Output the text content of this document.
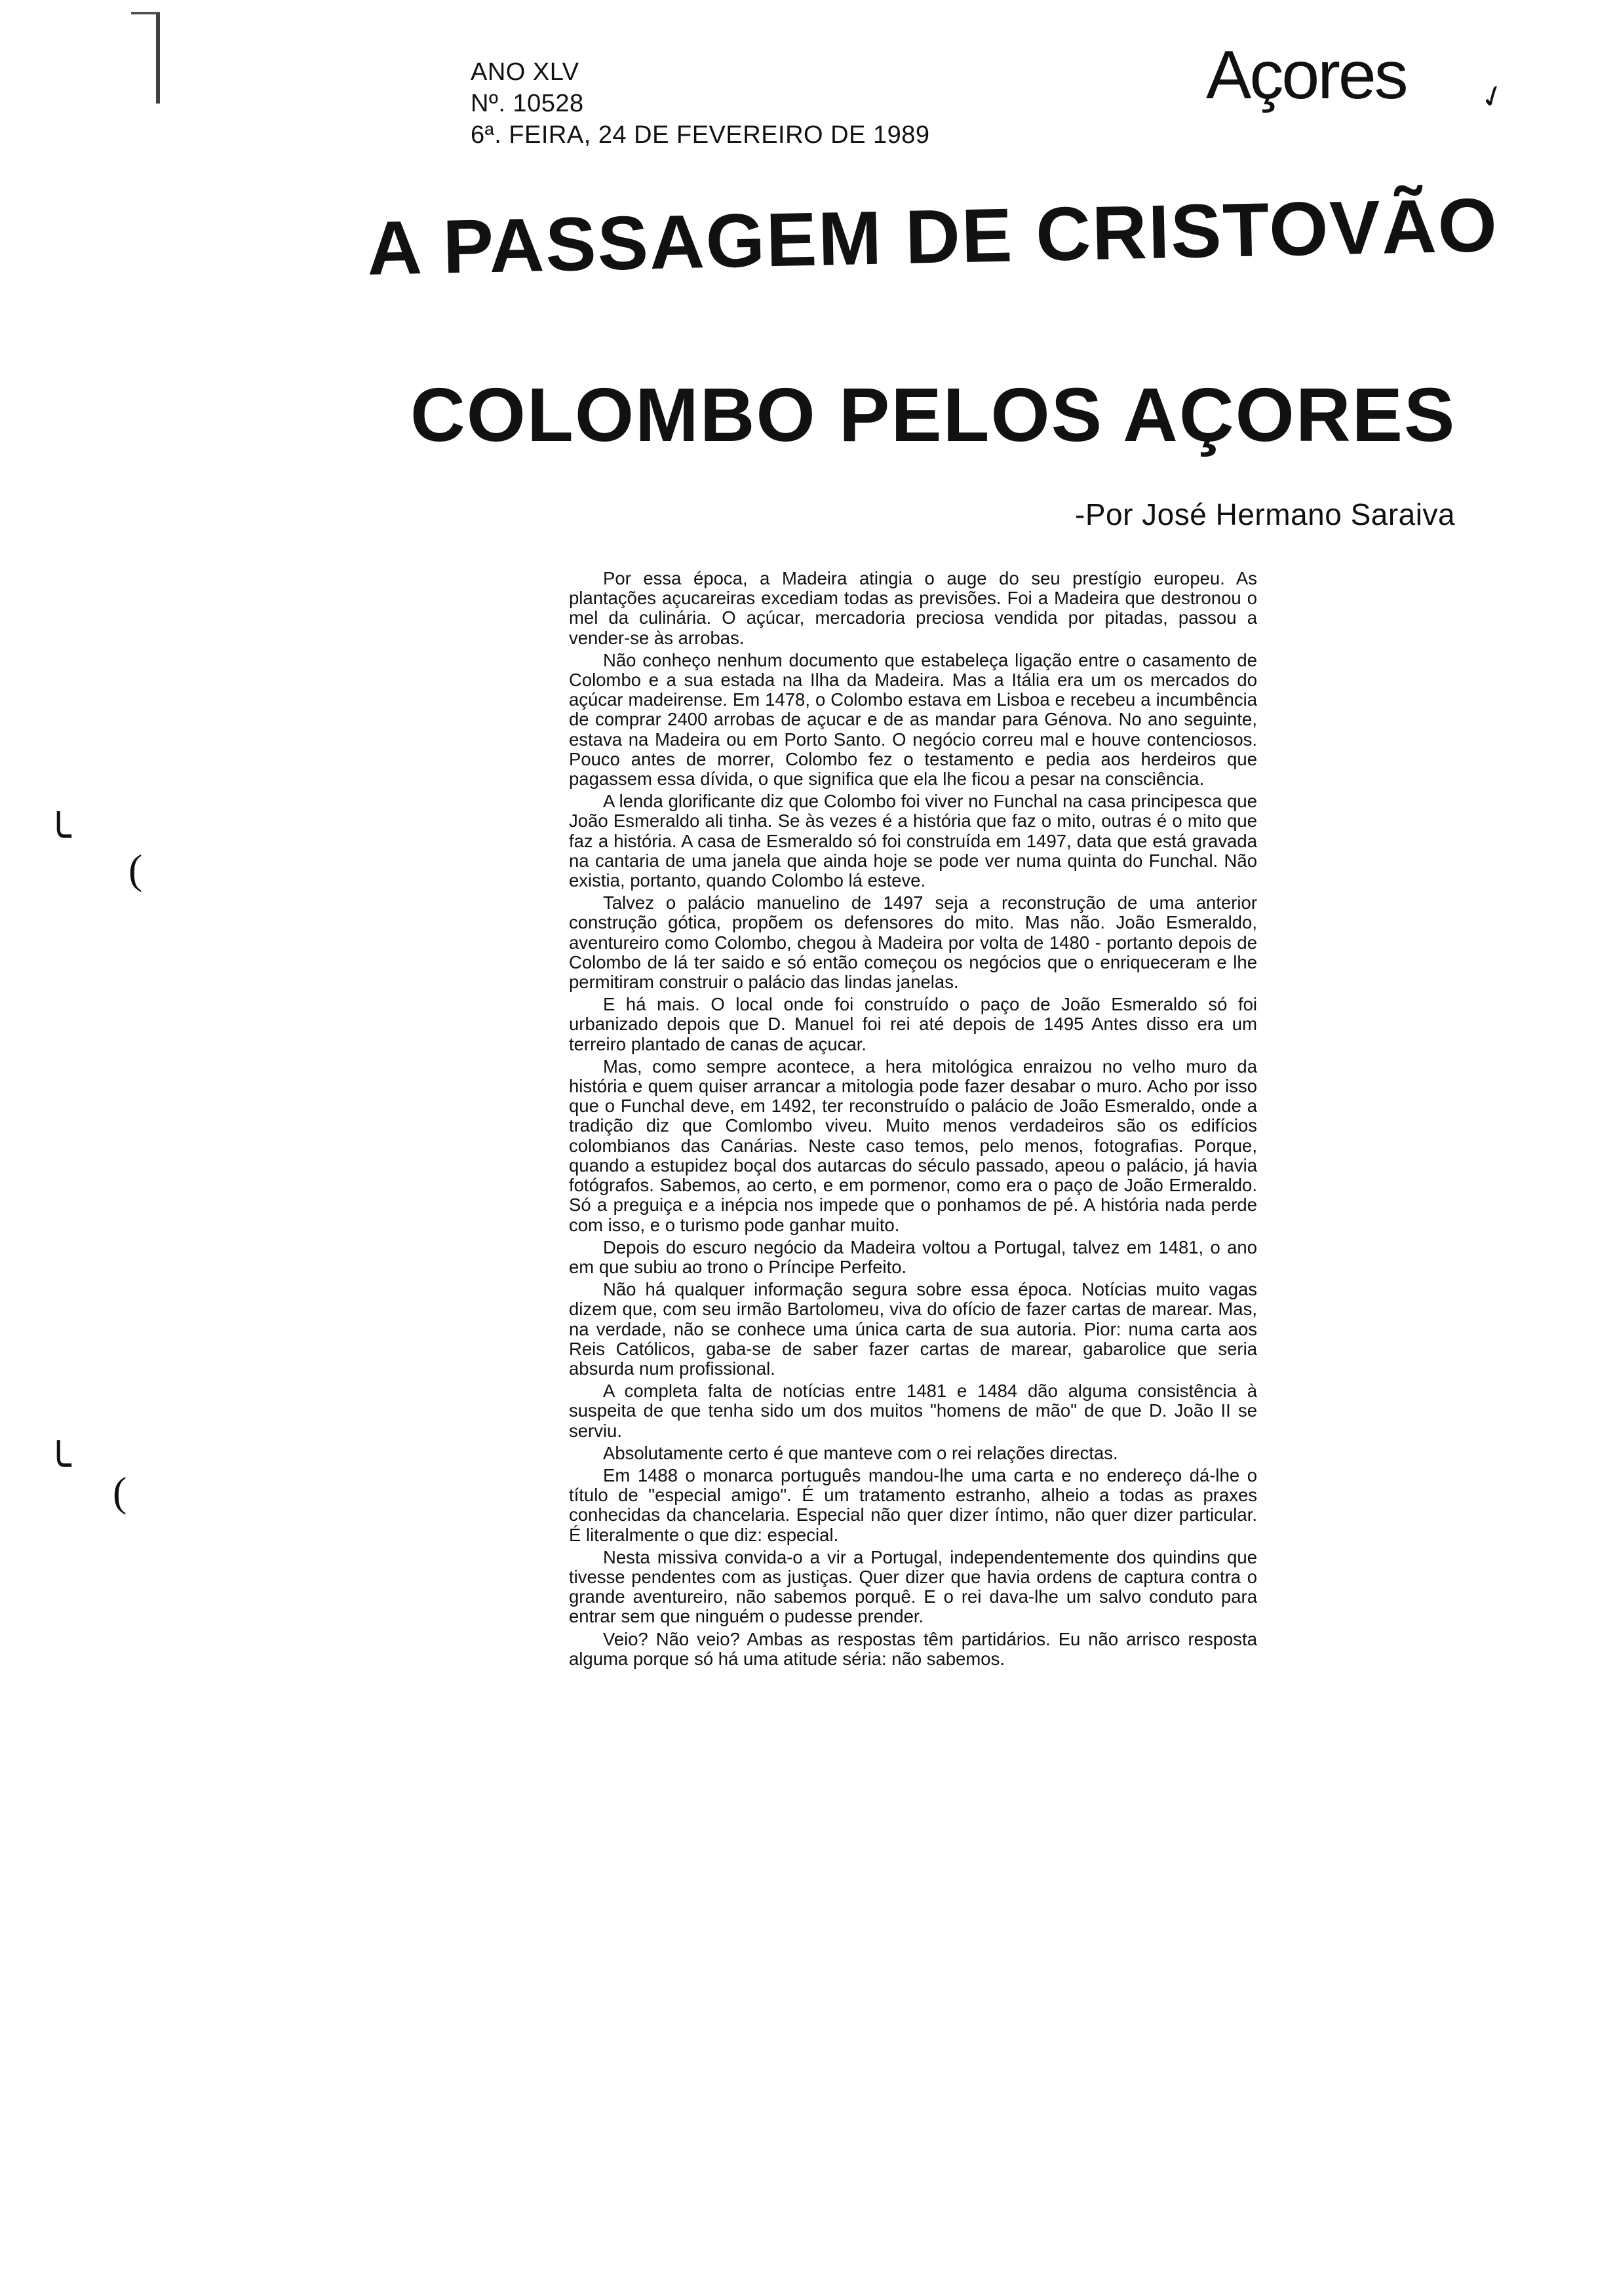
ANO XLV
Nº. 10528
6ª. FEIRA, 24 DE FEVEREIRO DE 1989
Açores ✓
A PASSAGEM DE CRISTOVÃO
COLOMBO PELOS AÇORES
-Por José Hermano Saraiva

Por essa época, a Madeira atingia o auge do seu prestígio europeu. As plantações açucareiras excediam todas as previsões. Foi a Madeira que destronou o mel da culinária. O açúcar, mercadoria preciosa vendida por pitadas, passou a vender-se às arrobas.

Não conheço nenhum documento que estabeleça ligação entre o casamento de Colombo e a sua estada na Ilha da Madeira. Mas a Itália era um os mercados do açúcar madeirense. Em 1478, o Colombo estava em Lisboa e recebeu a incumbência de comprar 2400 arrobas de açucar e de as mandar para Génova. No ano seguinte, estava na Madeira ou em Porto Santo. O negócio correu mal e houve contenciosos. Pouco antes de morrer, Colombo fez o testamento e pedia aos herdeiros que pagassem essa dívida, o que significa que ela lhe ficou a pesar na consciência.

A lenda glorificante diz que Colombo foi viver no Funchal na casa principesca que João Esmeraldo ali tinha. Se às vezes é a história que faz o mito, outras é o mito que faz a história. A casa de Esmeraldo só foi construída em 1497, data que está gravada na cantaria de uma janela que ainda hoje se pode ver numa quinta do Funchal. Não existia, portanto, quando Colombo lá esteve.

Talvez o palácio manuelino de 1497 seja a reconstrução de uma anterior construção gótica, propõem os defensores do mito. Mas não. João Esmeraldo, aventureiro como Colombo, chegou à Madeira por volta de 1480 - portanto depois de Colombo de lá ter saido e só então começou os negócios que o enriqueceram e lhe permitiram construir o palácio das lindas janelas.

E há mais. O local onde foi construído o paço de João Esmeraldo só foi urbanizado depois que D. Manuel foi rei até depois de 1495 Antes disso era um terreiro plantado de canas de açucar.

Mas, como sempre acontece, a hera mitológica enraizou no velho muro da história e quem quiser arrancar a mitologia pode fazer desabar o muro. Acho por isso que o Funchal deve, em 1492, ter reconstruído o palácio de João Esmeraldo, onde a tradição diz que Comlombo viveu. Muito menos verdadeiros são os edifícios colombianos das Canárias. Neste caso temos, pelo menos, fotografias. Porque, quando a estupidez boçal dos autarcas do século passado, apeou o palácio, já havia fotógrafos. Sabemos, ao certo, e em pormenor, como era o paço de João Ermeraldo. Só a preguiça e a inépcia nos impede que o ponhamos de pé. A história nada perde com isso, e o turismo pode ganhar muito.

Depois do escuro negócio da Madeira voltou a Portugal, talvez em 1481, o ano em que subiu ao trono o Príncipe Perfeito.

Não há qualquer informação segura sobre essa época. Notícias muito vagas dizem que, com seu irmão Bartolomeu, viva do ofício de fazer cartas de marear. Mas, na verdade, não se conhece uma única carta de sua autoria. Pior: numa carta aos Reis Católicos, gaba-se de saber fazer cartas de marear, gabarolice que seria absurda num profissional.

A completa falta de notícias entre 1481 e 1484 dão alguma consistência à suspeita de que tenha sido um dos muitos "homens de mão" de que D. João II se serviu.

Absolutamente certo é que manteve com o rei relações directas.

Em 1488 o monarca português mandou-lhe uma carta e no endereço dá-lhe o título de "especial amigo". É um tratamento estranho, alheio a todas as praxes conhecidas da chancelaria. Especial não quer dizer íntimo, não quer dizer particular. É literalmente o que diz: especial.

Nesta missiva convida-o a vir a Portugal, independentemente dos quindins que tivesse pendentes com as justiças. Quer dizer que havia ordens de captura contra o grande aventureiro, não sabemos porquê. E o rei dava-lhe um salvo conduto para entrar sem que ninguém o pudesse prender.

Veio? Não veio? Ambas as respostas têm partidários. Eu não arrisco resposta alguma porque só há uma atitude séria: não sabemos.

╰
(
╰
(
